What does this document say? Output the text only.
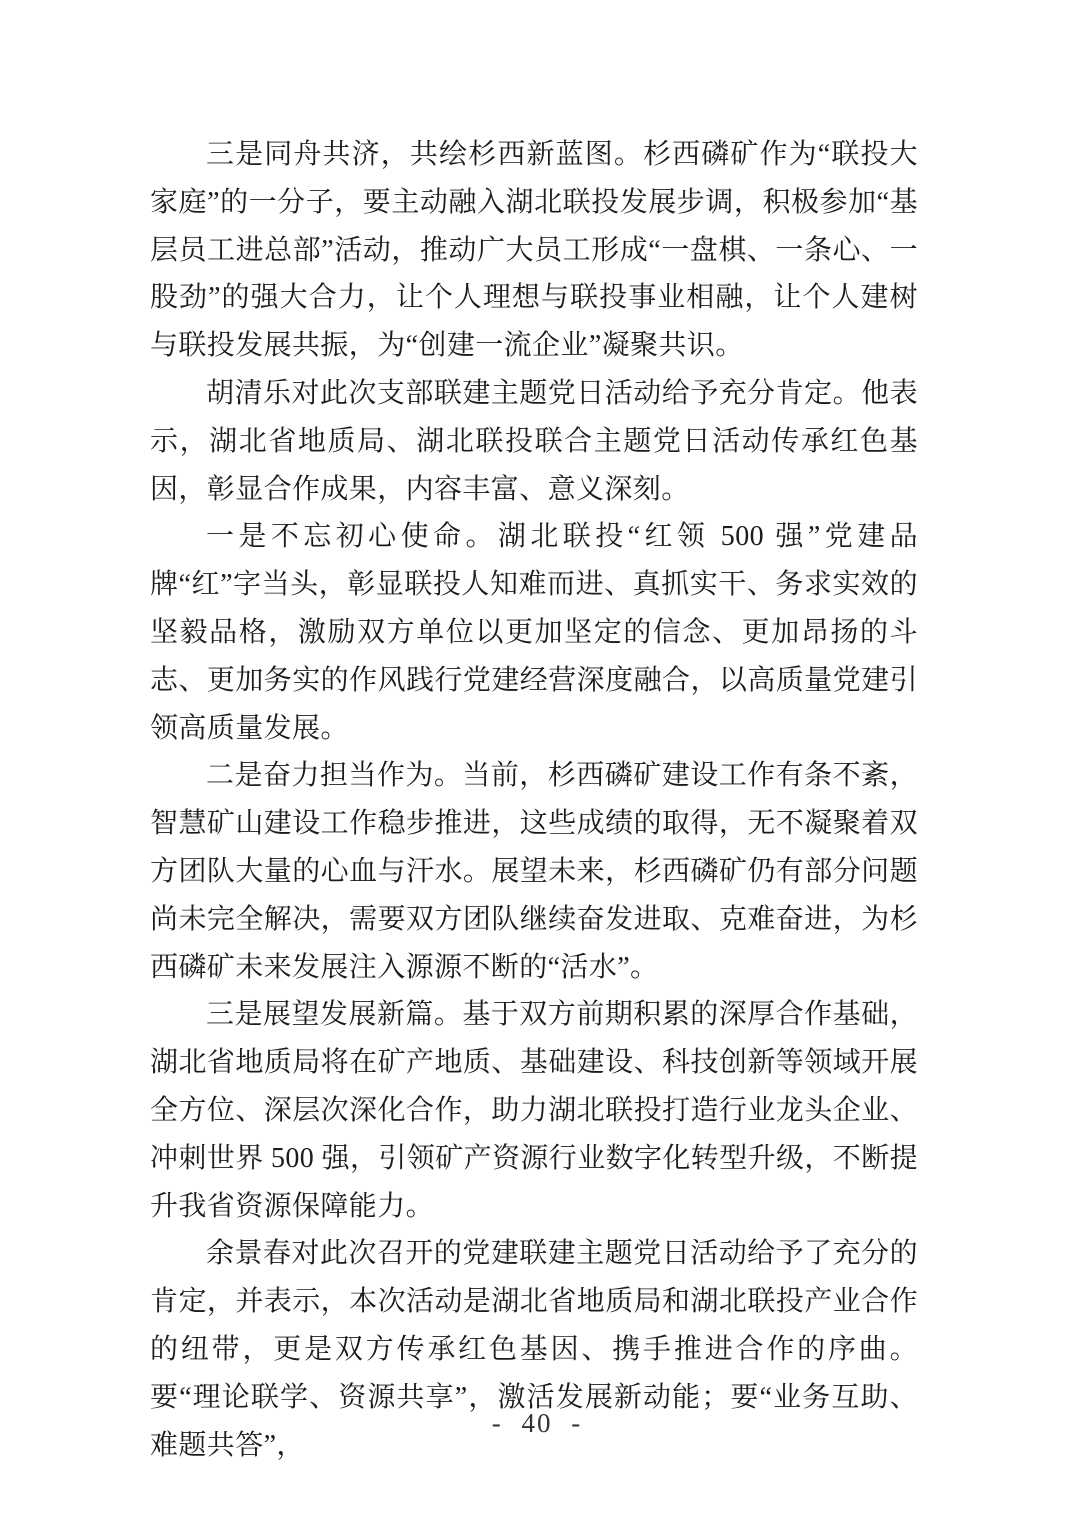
三是同舟共济，共绘杉西新蓝图。杉西磷矿作为“联投大家庭”的一分子，要主动融入湖北联投发展步调，积极参加“基层员工进总部”活动，推动广大员工形成“一盘棋、一条心、一股劲”的强大合力，让个人理想与联投事业相融，让个人建树与联投发展共振，为“创建一流企业”凝聚共识。

胡清乐对此次支部联建主题党日活动给予充分肯定。他表示，湖北省地质局、湖北联投联合主题党日活动传承红色基因，彰显合作成果，内容丰富、意义深刻。

一是不忘初心使命。湖北联投“红领 500 强”党建品牌“红”字当头，彰显联投人知难而进、真抓实干、务求实效的坚毅品格，激励双方单位以更加坚定的信念、更加昂扬的斗志、更加务实的作风践行党建经营深度融合，以高质量党建引领高质量发展。

二是奋力担当作为。当前，杉西磷矿建设工作有条不紊，智慧矿山建设工作稳步推进，这些成绩的取得，无不凝聚着双方团队大量的心血与汗水。展望未来，杉西磷矿仍有部分问题尚未完全解决，需要双方团队继续奋发进取、克难奋进，为杉西磷矿未来发展注入源源不断的“活水”。

三是展望发展新篇。基于双方前期积累的深厚合作基础，湖北省地质局将在矿产地质、基础建设、科技创新等领域开展全方位、深层次深化合作，助力湖北联投打造行业龙头企业、冲刺世界 500 强，引领矿产资源行业数字化转型升级，不断提升我省资源保障能力。

余景春对此次召开的党建联建主题党日活动给予了充分的肯定，并表示，本次活动是湖北省地质局和湖北联投产业合作的纽带，更是双方传承红色基因、携手推进合作的序曲。要“理论联学、资源共享”，激活发展新动能；要“业务互助、难题共答”，

- 40 -
